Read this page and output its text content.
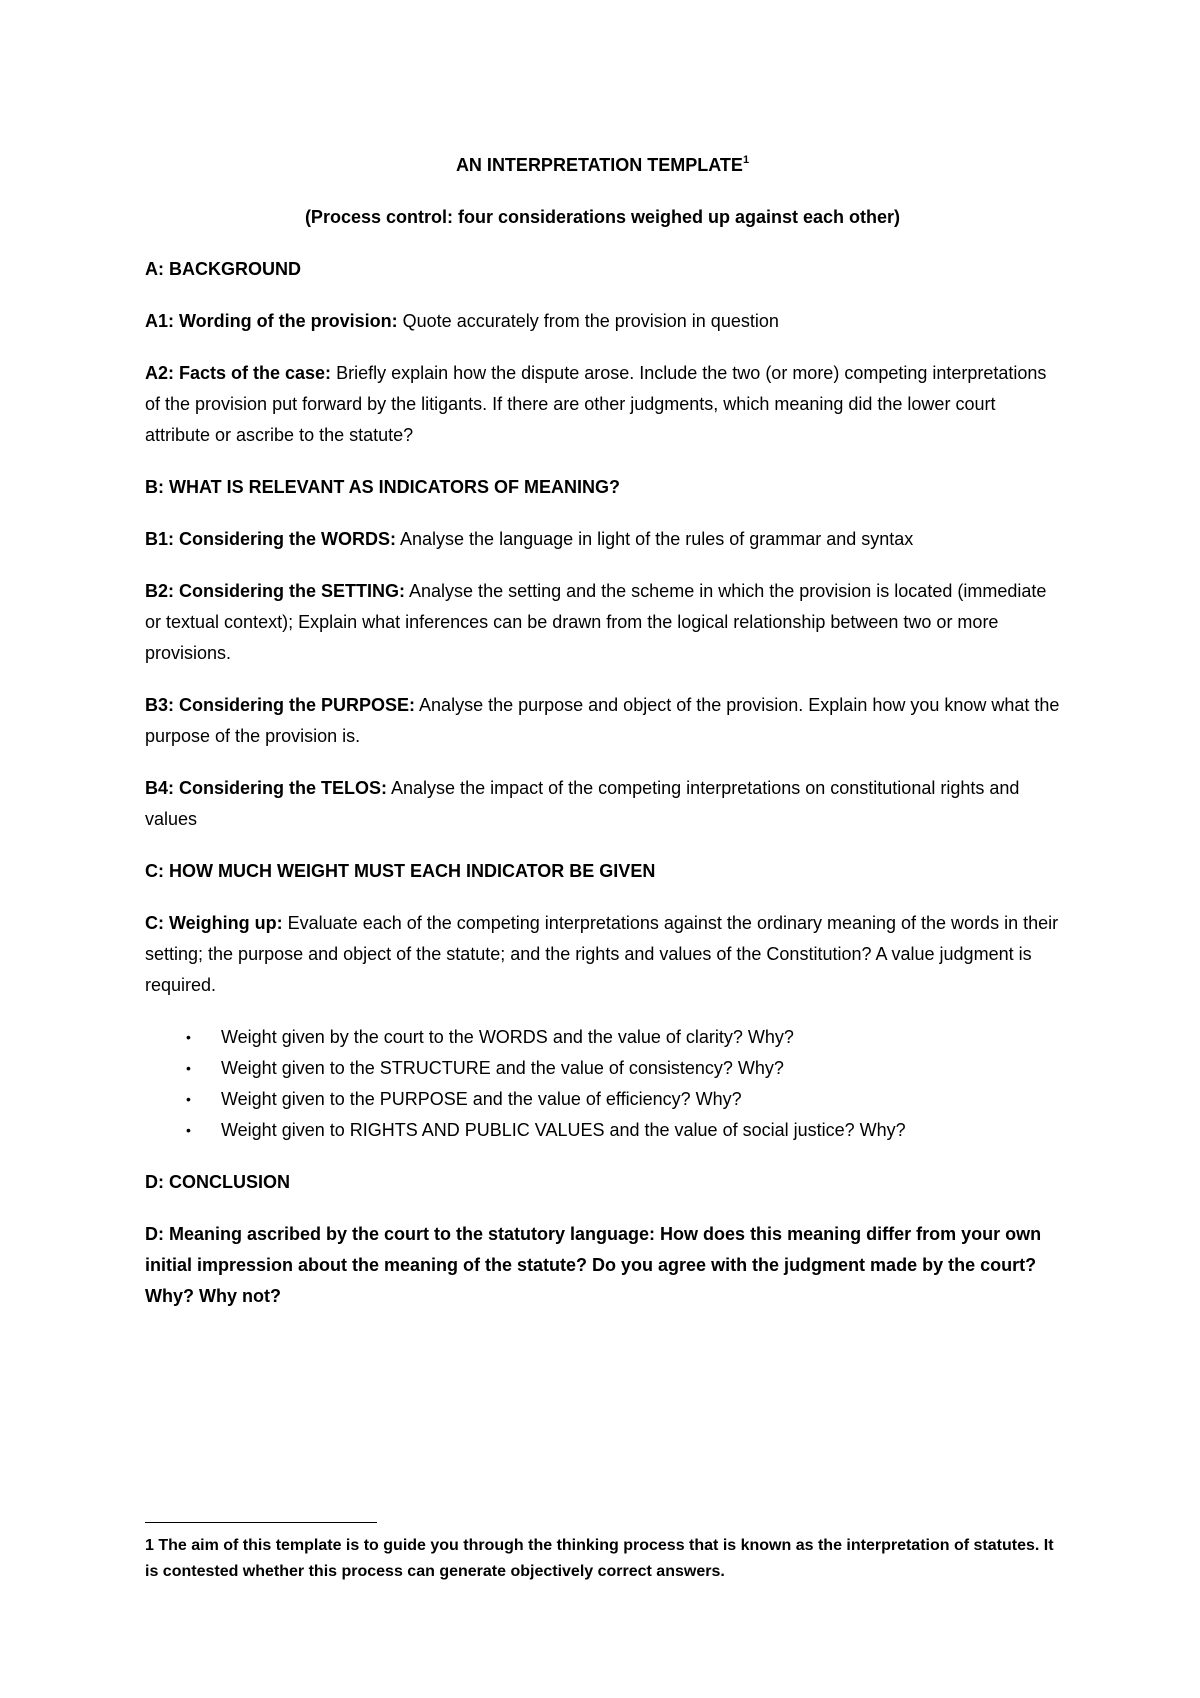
AN INTERPRETATION TEMPLATE$^1$

(Process control: four considerations weighed up against each other)

A: BACKGROUND

A1: Wording of the provision: Quote accurately from the provision in question

A2: Facts of the case: Briefly explain how the dispute arose. Include the two (or more) competing interpretations of the provision put forward by the litigants. If there are other judgments, which meaning did the lower court attribute or ascribe to the statute?

B: WHAT IS RELEVANT AS INDICATORS OF MEANING?

B1: Considering the WORDS: Analyse the language in light of the rules of grammar and syntax

B2: Considering the SETTING: Analyse the setting and the scheme in which the provision is located (immediate or textual context); Explain what inferences can be drawn from the logical relationship between two or more provisions.

B3: Considering the PURPOSE: Analyse the purpose and object of the provision. Explain how you know what the purpose of the provision is.

B4: Considering the TELOS: Analyse the impact of the competing interpretations on constitutional rights and values

C: HOW MUCH WEIGHT MUST EACH INDICATOR BE GIVEN

C: Weighing up: Evaluate each of the competing interpretations against the ordinary meaning of the words in their setting; the purpose and object of the statute; and the rights and values of the Constitution? A value judgment is required.

• Weight given by the court to the WORDS and the value of clarity? Why?
• Weight given to the STRUCTURE and the value of consistency? Why?
• Weight given to the PURPOSE and the value of efficiency? Why?
• Weight given to RIGHTS AND PUBLIC VALUES and the value of social justice? Why?

D: CONCLUSION

D: Meaning ascribed by the court to the statutory language: How does this meaning differ from your own initial impression about the meaning of the statute? Do you agree with the judgment made by the court? Why? Why not?

1 The aim of this template is to guide you through the thinking process that is known as the interpretation of statutes. It is contested whether this process can generate objectively correct answers.
